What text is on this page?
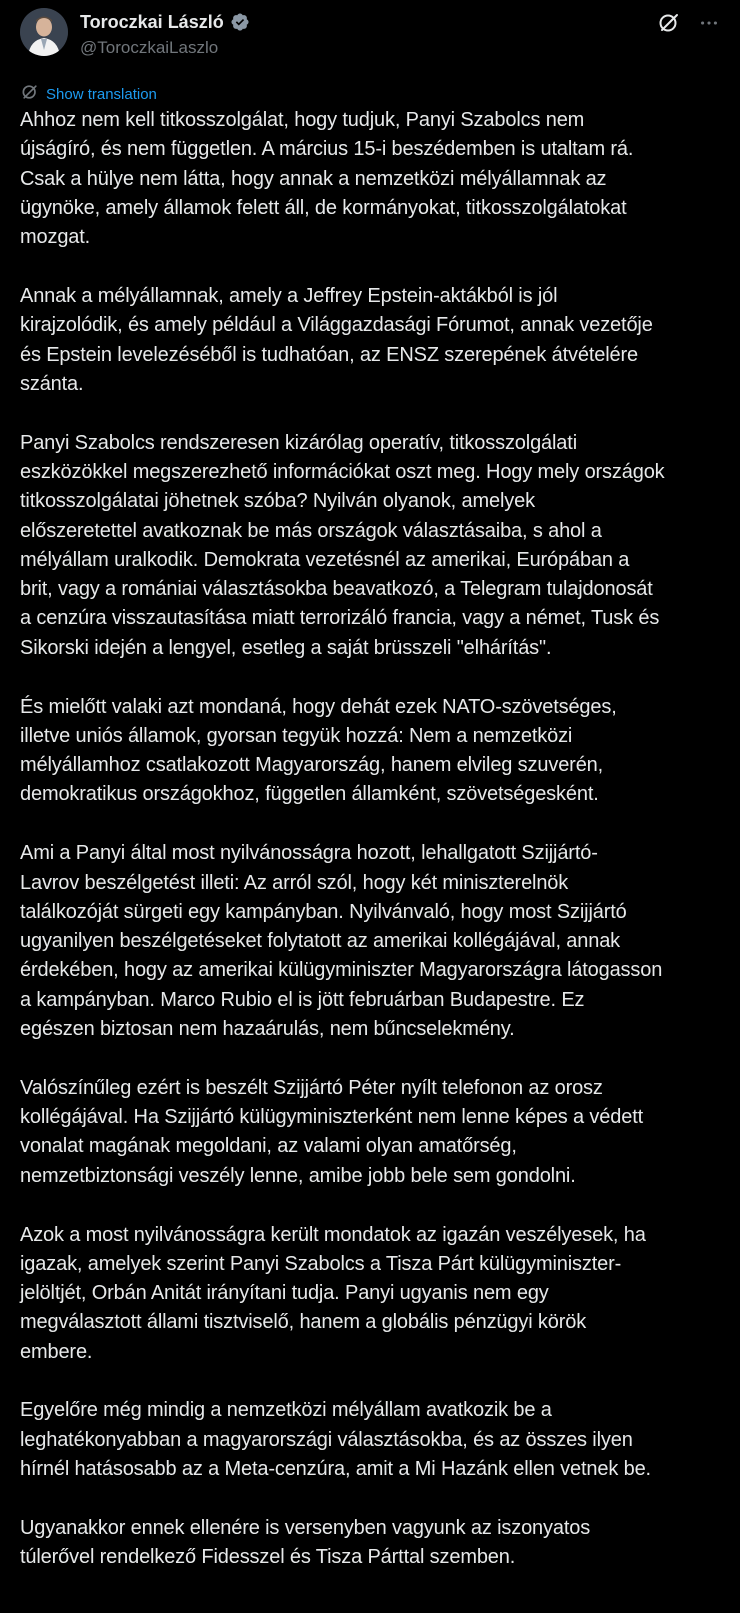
Toroczkai László
@ToroczkaiLaszlo
Show translation

Ahhoz nem kell titkosszolgálat, hogy tudjuk, Panyi Szabolcs nem
újságíró, és nem független. A március 15-i beszédemben is utaltam rá.
Csak a hülye nem látta, hogy annak a nemzetközi mélyállamnak az
ügynöke, amely államok felett áll, de kormányokat, titkosszolgálatokat
mozgat.

Annak a mélyállamnak, amely a Jeffrey Epstein-aktákból is jól
kirajzolódik, és amely például a Világgazdasági Fórumot, annak vezetője
és Epstein levelezéséből is tudhatóan, az ENSZ szerepének átvételére
szánta.

Panyi Szabolcs rendszeresen kizárólag operatív, titkosszolgálati
eszközökkel megszerezhető információkat oszt meg. Hogy mely országok
titkosszolgálatai jöhetnek szóba? Nyilván olyanok, amelyek
előszeretettel avatkoznak be más országok választásaiba, s ahol a
mélyállam uralkodik. Demokrata vezetésnél az amerikai, Európában a
brit, vagy a romániai választásokba beavatkozó, a Telegram tulajdonosát
a cenzúra visszautasítása miatt terrorizáló francia, vagy a német, Tusk és
Sikorski idején a lengyel, esetleg a saját brüsszeli "elhárítás".

És mielőtt valaki azt mondaná, hogy dehát ezek NATO-szövetséges,
illetve uniós államok, gyorsan tegyük hozzá: Nem a nemzetközi
mélyállamhoz csatlakozott Magyarország, hanem elvileg szuverén,
demokratikus országokhoz, független államként, szövetségesként.

Ami a Panyi által most nyilvánosságra hozott, lehallgatott Szijjártó-
Lavrov beszélgetést illeti: Az arról szól, hogy két miniszterelnök
találkozóját sürgeti egy kampányban. Nyilvánvaló, hogy most Szijjártó
ugyanilyen beszélgetéseket folytatott az amerikai kollégájával, annak
érdekében, hogy az amerikai külügyminiszter Magyarországra látogasson
a kampányban. Marco Rubio el is jött februárban Budapestre. Ez
egészen biztosan nem hazaárulás, nem bűncselekmény.

Valószínűleg ezért is beszélt Szijjártó Péter nyílt telefonon az orosz
kollégájával. Ha Szijjártó külügyminiszterként nem lenne képes a védett
vonalat magának megoldani, az valami olyan amatőrség,
nemzetbiztonsági veszély lenne, amibe jobb bele sem gondolni.

Azok a most nyilvánosságra került mondatok az igazán veszélyesek, ha
igazak, amelyek szerint Panyi Szabolcs a Tisza Párt külügyminiszter-
jelöltjét, Orbán Anitát irányítani tudja. Panyi ugyanis nem egy
megválasztott állami tisztviselő, hanem a globális pénzügyi körök
embere.

Egyelőre még mindig a nemzetközi mélyállam avatkozik be a
leghatékonyabban a magyarországi választásokba, és az összes ilyen
hírnél hatásosabb az a Meta-cenzúra, amit a Mi Hazánk ellen vetnek be.

Ugyanakkor ennek ellenére is versenyben vagyunk az iszonyatos
túlerővel rendelkező Fidesszel és Tisza Párttal szemben.
